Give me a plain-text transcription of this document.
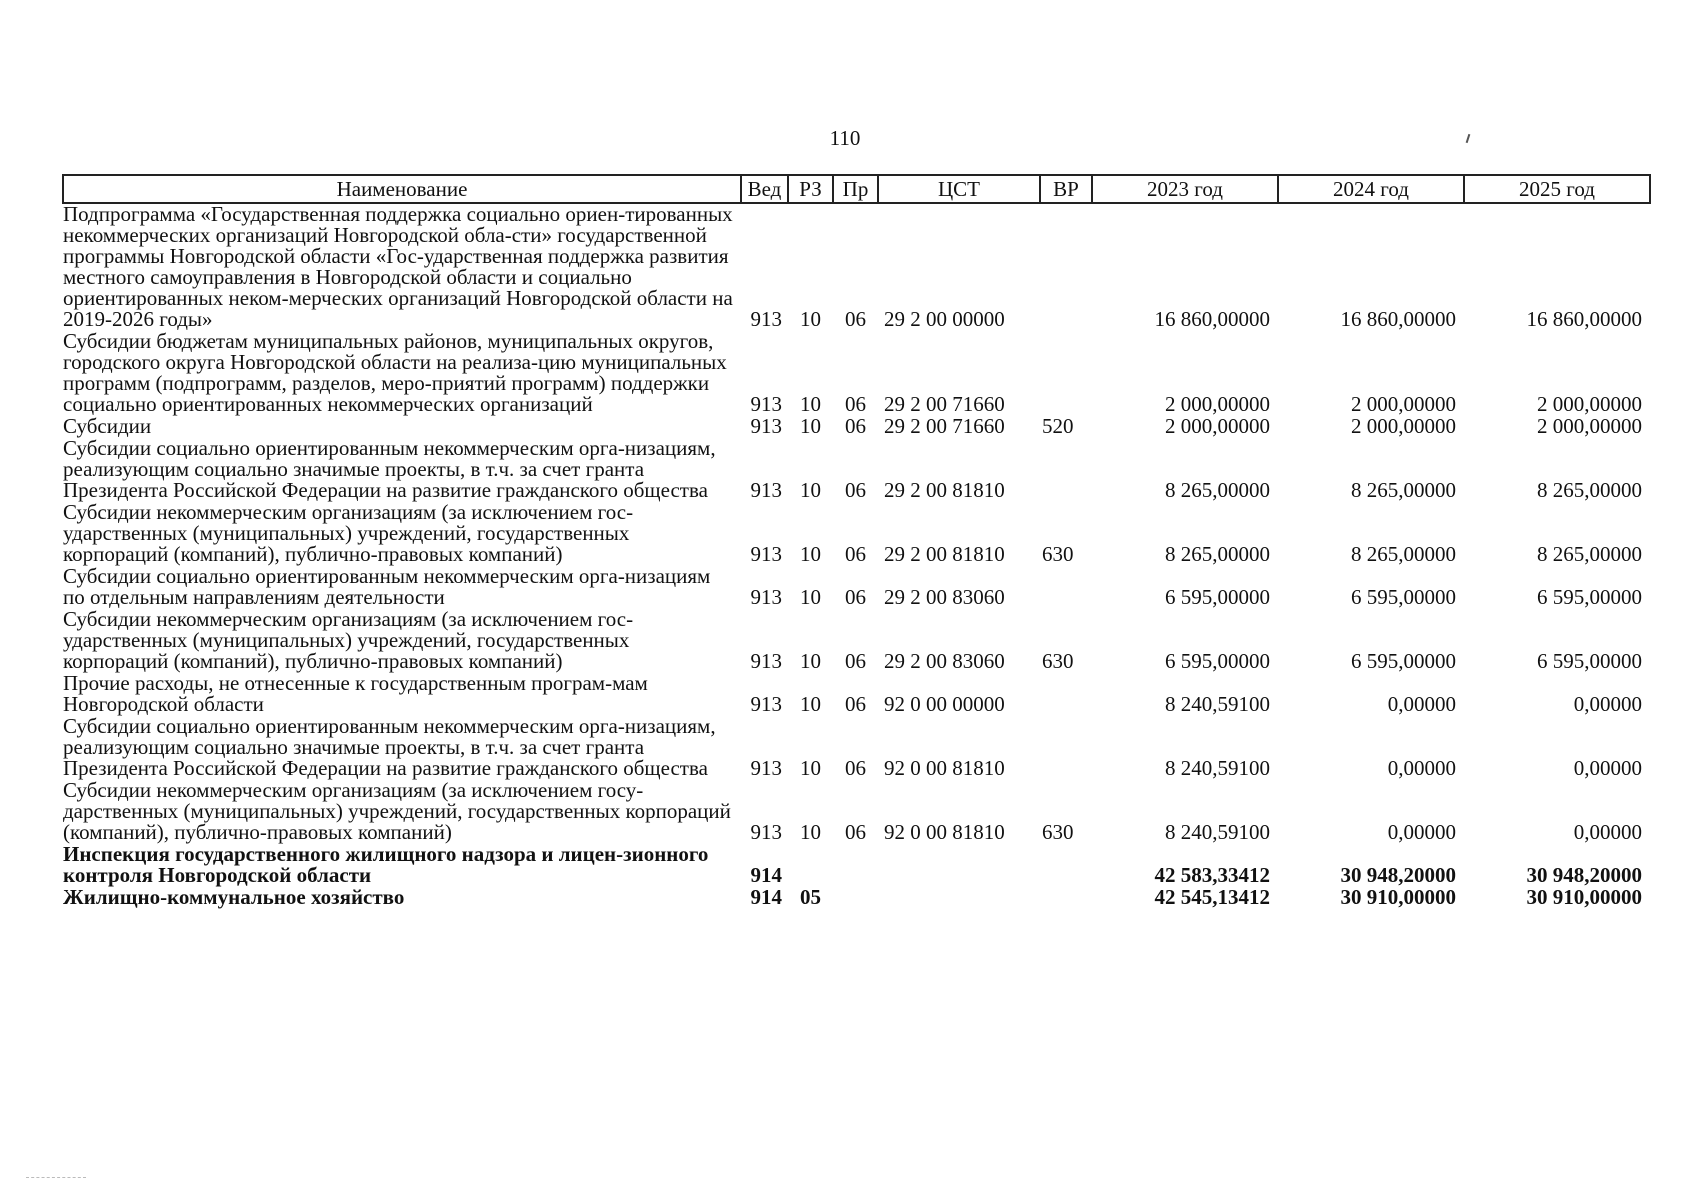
110
Наименование	Вед	РЗ	Пр	ЦСТ	ВР	2023 год	2024 год	2025 год
Подпрограмма «Государственная поддержка социально ориен-тированных некоммерческих организаций Новгородской обла-сти» государственной программы Новгородской области «Гос-ударственная поддержка развития местного самоуправления в Новгородской области и социально ориентированных неком-мерческих организаций Новгородской области на 2019-2026 годы»	913	10	06	29 2 00 00000		16 860,00000	16 860,00000	16 860,00000
Субсидии бюджетам муниципальных районов, муниципальных округов, городского округа Новгородской области на реализа-цию муниципальных программ (подпрограмм, разделов, меро-приятий программ) поддержки социально ориентированных некоммерческих организаций	913	10	06	29 2 00 71660		2 000,00000	2 000,00000	2 000,00000
Субсидии	913	10	06	29 2 00 71660	520	2 000,00000	2 000,00000	2 000,00000
Субсидии социально ориентированным некоммерческим орга-низациям, реализующим социально значимые проекты, в т.ч. за счет гранта Президента Российской Федерации на развитие гражданского общества	913	10	06	29 2 00 81810		8 265,00000	8 265,00000	8 265,00000
Субсидии некоммерческим организациям (за исключением гос-ударственных (муниципальных) учреждений, государственных корпораций (компаний), публично-правовых компаний)	913	10	06	29 2 00 81810	630	8 265,00000	8 265,00000	8 265,00000
Субсидии социально ориентированным некоммерческим орга-низациям по отдельным направлениям деятельности	913	10	06	29 2 00 83060		6 595,00000	6 595,00000	6 595,00000
Субсидии некоммерческим организациям (за исключением гос-ударственных (муниципальных) учреждений, государственных корпораций (компаний), публично-правовых компаний)	913	10	06	29 2 00 83060	630	6 595,00000	6 595,00000	6 595,00000
Прочие расходы, не отнесенные к государственным програм-мам Новгородской области	913	10	06	92 0 00 00000		8 240,59100	0,00000	0,00000
Субсидии социально ориентированным некоммерческим орга-низациям, реализующим социально значимые проекты, в т.ч. за счет гранта Президента Российской Федерации на развитие гражданского общества	913	10	06	92 0 00 81810		8 240,59100	0,00000	0,00000
Субсидии некоммерческим организациям (за исключением госу-дарственных (муниципальных) учреждений, государственных корпораций (компаний), публично-правовых компаний)	913	10	06	92 0 00 81810	630	8 240,59100	0,00000	0,00000
Инспекция государственного жилищного надзора и лицен-зионного контроля Новгородской области	914					42 583,33412	30 948,20000	30 948,20000
Жилищно-коммунальное хозяйство	914	05				42 545,13412	30 910,00000	30 910,00000
